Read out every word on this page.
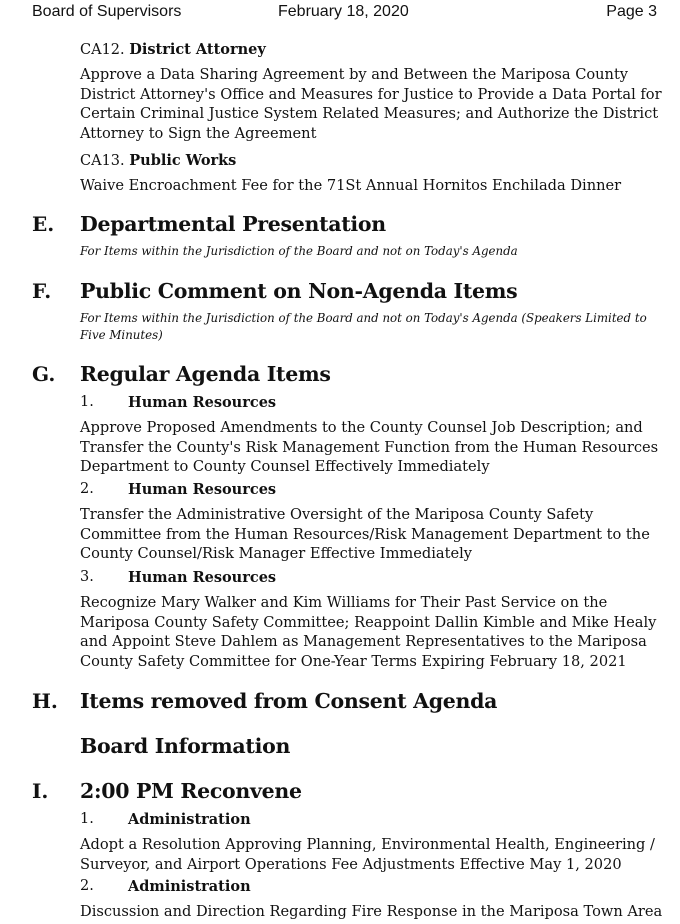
Board of Supervisors	February 18, 2020	Page 3
CA12. District Attorney
Approve a Data Sharing Agreement by and Between the Mariposa County District Attorney's Office and Measures for Justice to Provide a Data Portal for Certain Criminal Justice System Related Measures; and Authorize the District Attorney to Sign the Agreement
CA13. Public Works
Waive Encroachment Fee for the 71St Annual Hornitos Enchilada Dinner
E. Departmental Presentation
For Items within the Jurisdiction of the Board and not on Today's Agenda
F. Public Comment on Non-Agenda Items
For Items within the Jurisdiction of the Board and not on Today's Agenda (Speakers Limited to Five Minutes)
G. Regular Agenda Items
1. Human Resources
Approve Proposed Amendments to the County Counsel Job Description; and Transfer the County's Risk Management Function from the Human Resources Department to County Counsel Effectively Immediately
2. Human Resources
Transfer the Administrative Oversight of the Mariposa County Safety Committee from the Human Resources/Risk Management Department to the County Counsel/Risk Manager Effective Immediately
3. Human Resources
Recognize Mary Walker and Kim Williams for Their Past Service on the Mariposa County Safety Committee; Reappoint Dallin Kimble and Mike Healy and Appoint Steve Dahlem as Management Representatives to the Mariposa County Safety Committee for One-Year Terms Expiring February 18, 2021
H. Items removed from Consent Agenda
Board Information
I. 2:00 PM Reconvene
1. Administration
Adopt a Resolution Approving Planning, Environmental Health, Engineering / Surveyor, and Airport Operations Fee Adjustments Effective May 1, 2020
2. Administration
Discussion and Direction Regarding Fire Response in the Mariposa Town Area
